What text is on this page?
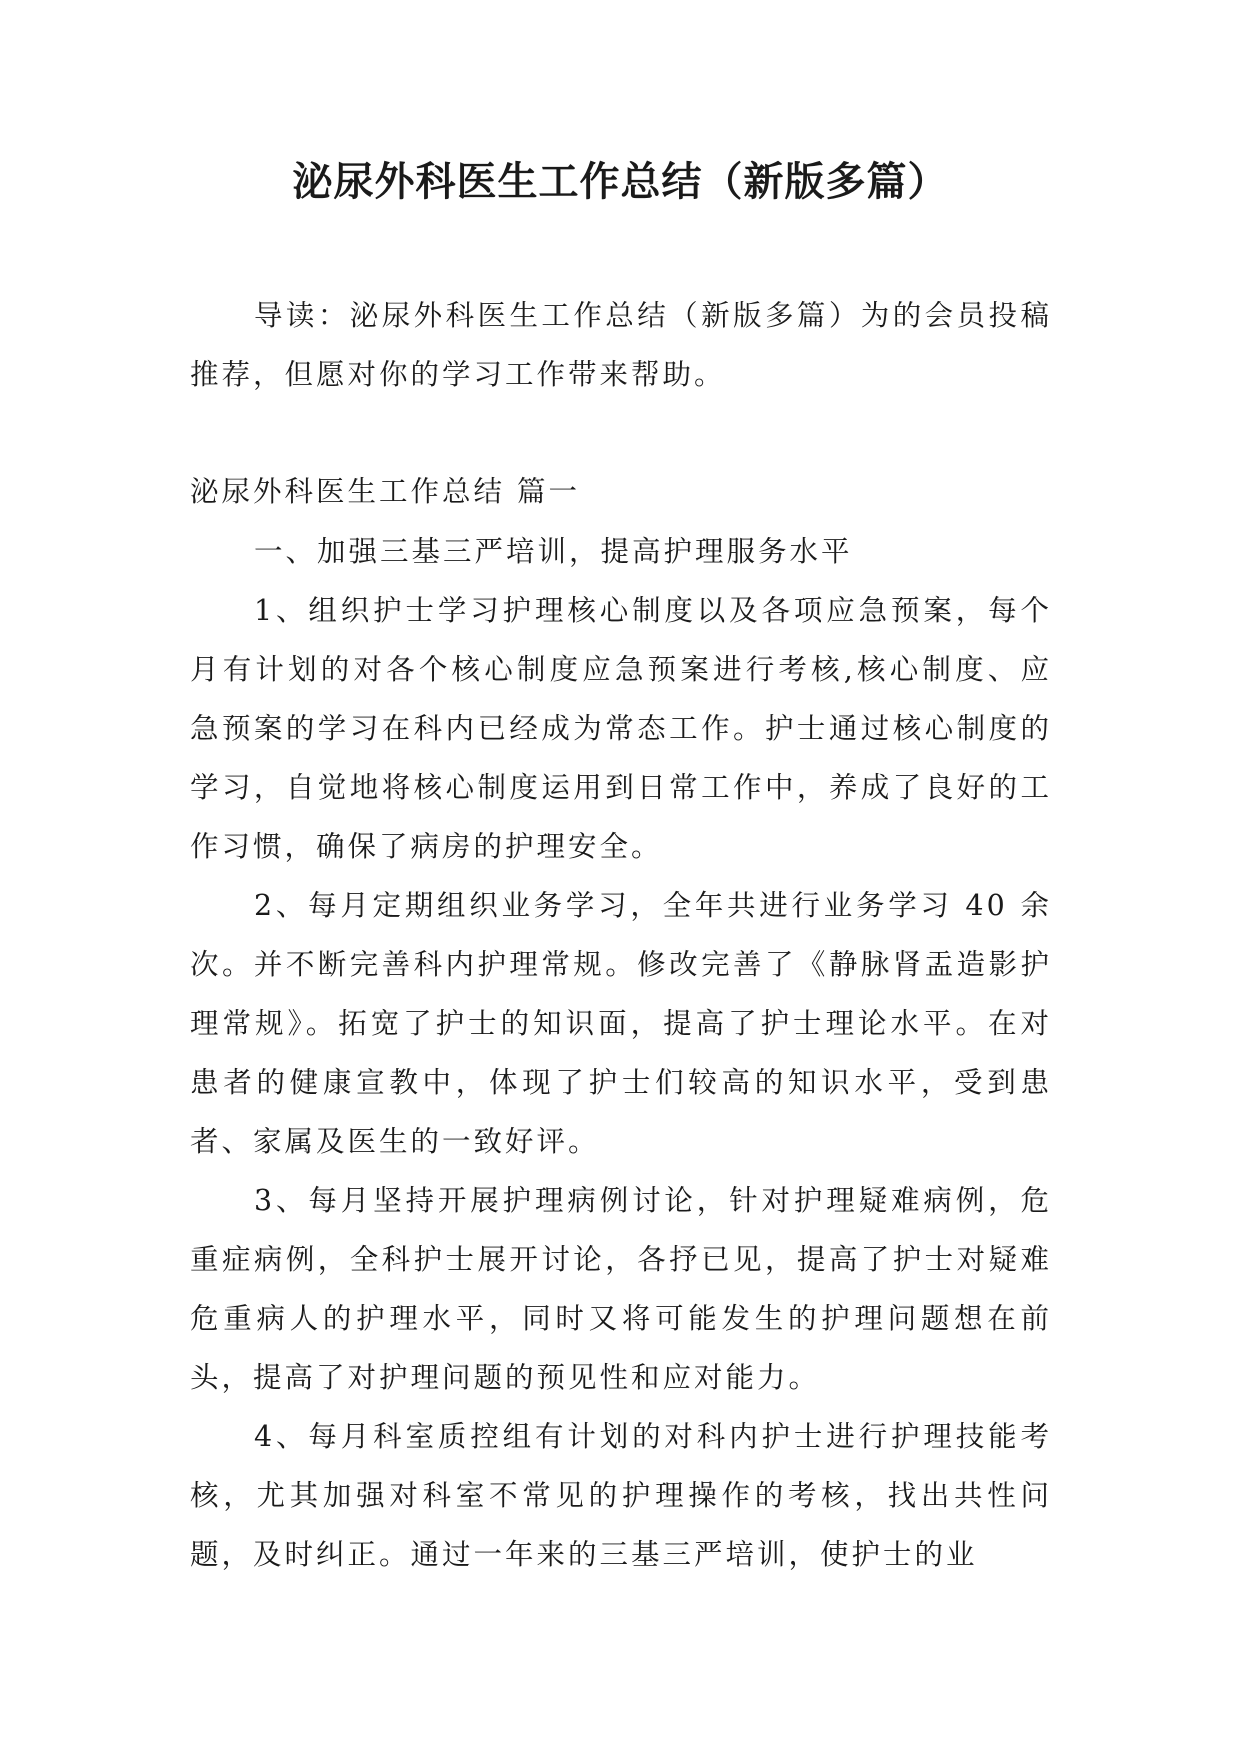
泌尿外科医生工作总结（新版多篇）

导读：泌尿外科医生工作总结（新版多篇）为的会员投稿推荐，但愿对你的学习工作带来帮助。

泌尿外科医生工作总结 篇一

一、加强三基三严培训，提高护理服务水平

1、组织护士学习护理核心制度以及各项应急预案，每个月有计划的对各个核心制度应急预案进行考核,核心制度、应急预案的学习在科内已经成为常态工作。护士通过核心制度的学习，自觉地将核心制度运用到日常工作中，养成了良好的工作习惯，确保了病房的护理安全。

2、每月定期组织业务学习，全年共进行业务学习 40 余次。并不断完善科内护理常规。修改完善了《静脉肾盂造影护理常规》。拓宽了护士的知识面，提高了护士理论水平。在对患者的健康宣教中，体现了护士们较高的知识水平，受到患者、家属及医生的一致好评。

3、每月坚持开展护理病例讨论，针对护理疑难病例，危重症病例，全科护士展开讨论，各抒已见，提高了护士对疑难危重病人的护理水平，同时又将可能发生的护理问题想在前头，提高了对护理问题的预见性和应对能力。

4、每月科室质控组有计划的对科内护士进行护理技能考核，尤其加强对科室不常见的护理操作的考核，找出共性问题，及时纠正。通过一年来的三基三严培训，使护士的业
